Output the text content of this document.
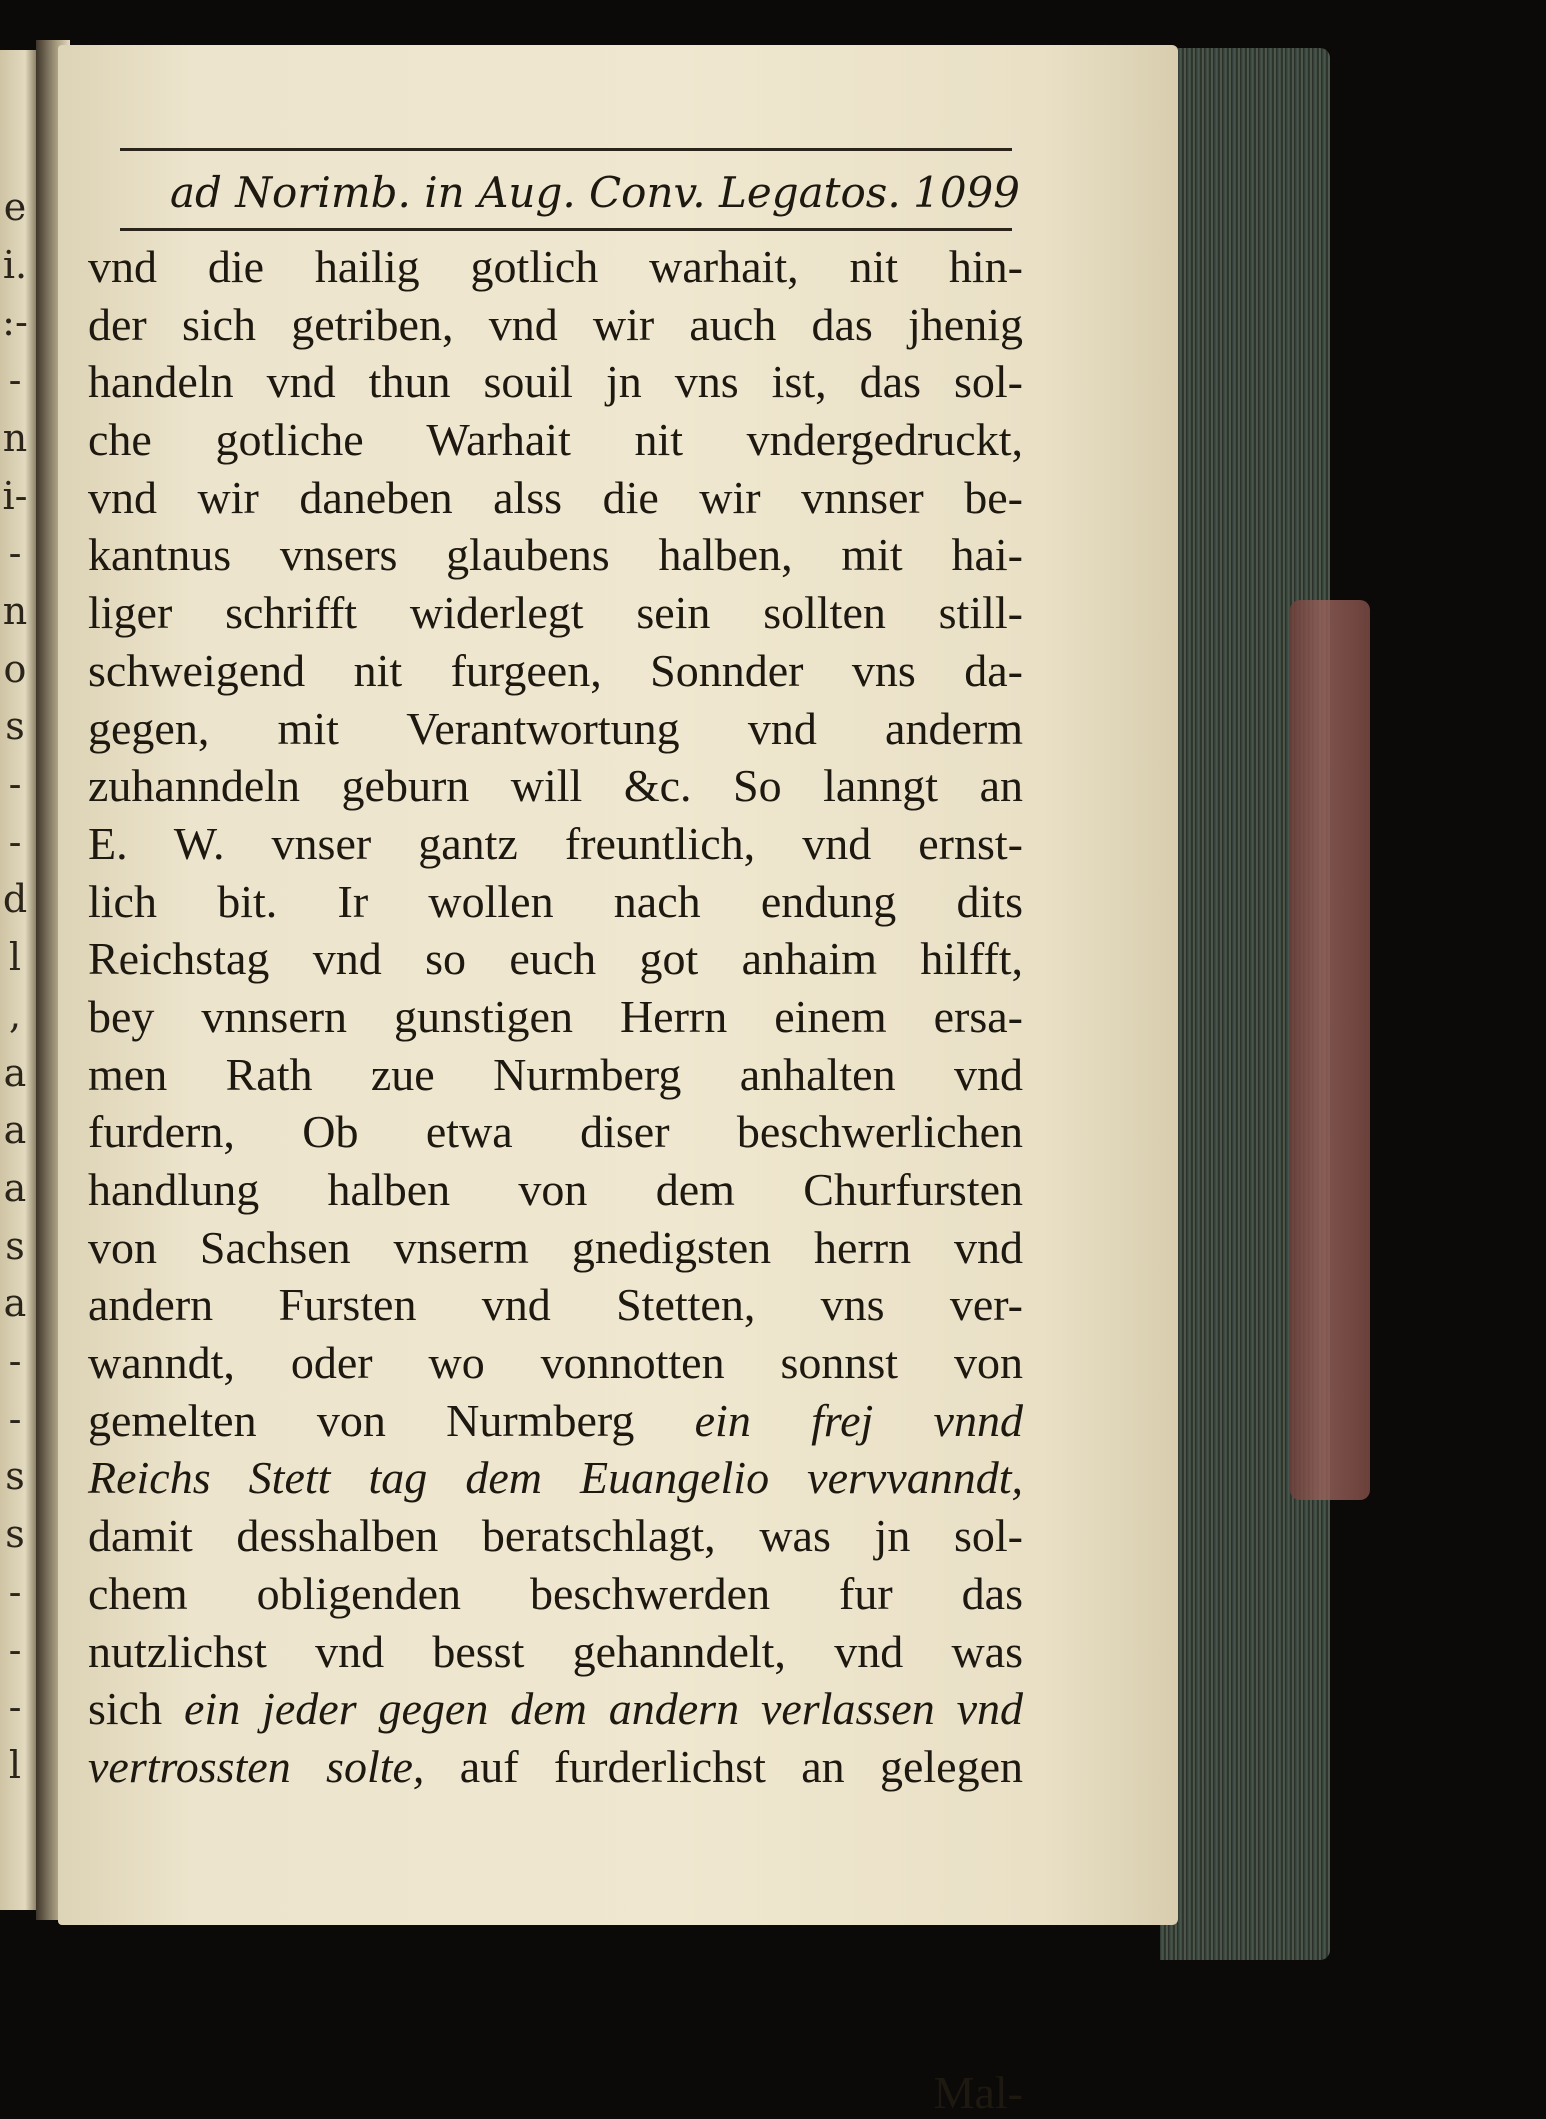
e
i.
:-
-
n
i-
-
n
o
s
-
-
d
l
,
a
a
a
s
a
-
-
s
s
-
-
-
l
ad Norimb. in Aug. Conv. Legatos. 1099
vnd die hailig gotlich warhait, nit hin-
der sich getriben, vnd wir auch das jhenig
handeln vnd thun souil jn vns ist, das sol-
che gotliche Warhait nit vndergedruckt,
vnd wir daneben alss die wir vnnser be-
kantnus vnsers glaubens halben, mit hai-
liger schrifft widerlegt sein sollten still-
schweigend nit furgeen, Sonnder vns da-
gegen, mit Verantwortung vnd anderm
zuhanndeln geburn will &c. So lanngt an
E. W. vnser gantz freuntlich, vnd ernst-
lich bit. Ir wollen nach endung dits
Reichstag vnd so euch got anhaim hilfft,
bey vnnsern gunstigen Herrn einem ersa-
men Rath zue Nurmberg anhalten vnd
furdern, Ob etwa diser beschwerlichen
handlung halben von dem Churfursten
von Sachsen vnserm gnedigsten herrn vnd
andern Fursten vnd Stetten, vns ver-
wanndt, oder wo vonnotten sonnst von
gemelten von Nurmberg ein frej vnnd
Reichs Stett tag dem Euangelio vervvanndt,
damit desshalben beratschlagt, was jn sol-
chem obligenden beschwerden fur das
nutzlichst vnd besst gehanndelt, vnd was
sich ein jeder gegen dem andern verlassen vnd
vertrossten solte, auf furderlichst an gelegen
Mal-
